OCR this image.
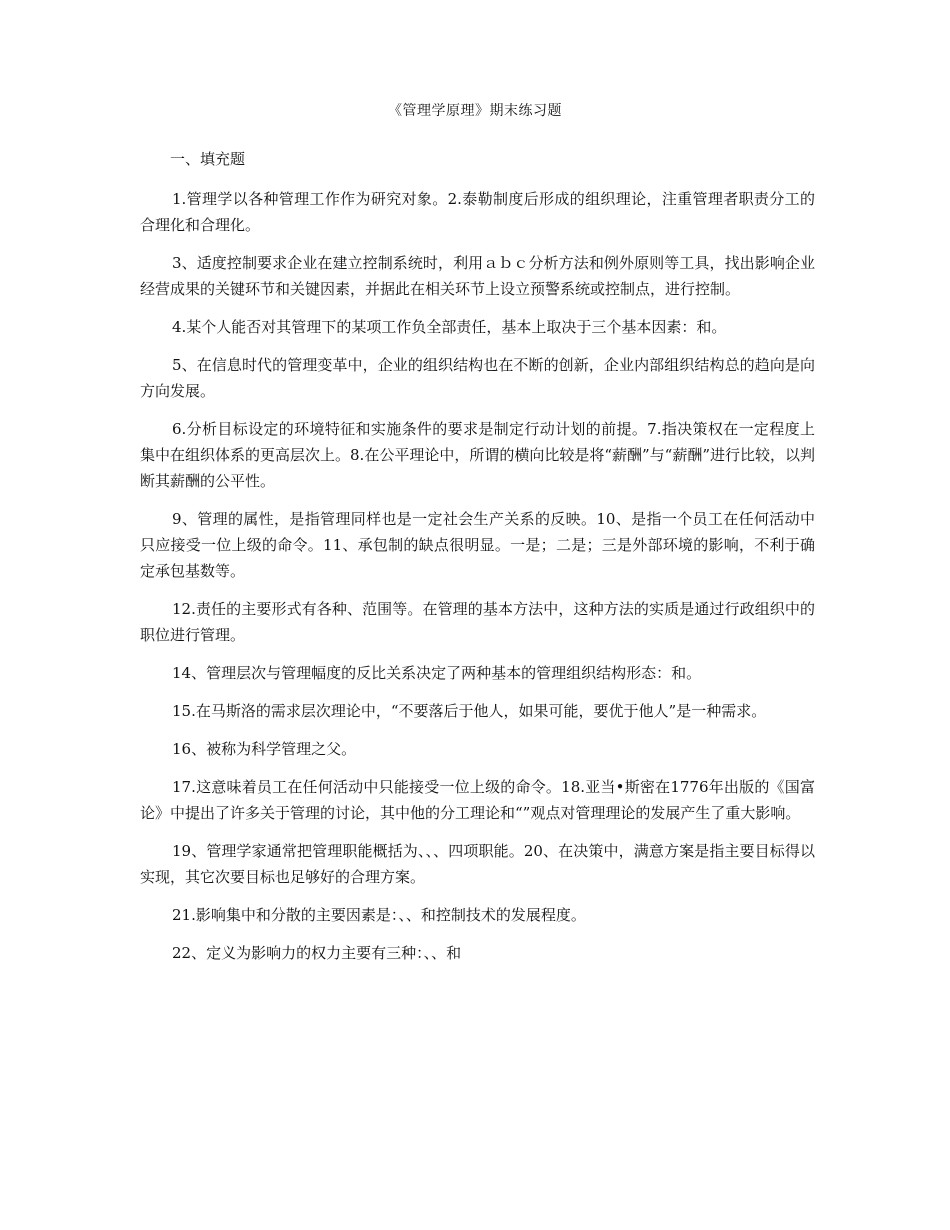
《管理学原理》期末练习题
一、填充题

1.管理学以各种管理工作作为研究对象。2.泰勒制度后形成的组织理论，注重管理者职责分工的合理化和合理化。

3、适度控制要求企业在建立控制系统时，利用ａｂｃ分析方法和例外原则等工具，找出影响企业经营成果的关键环节和关键因素，并据此在相关环节上设立预警系统或控制点，进行控制。

4.某个人能否对其管理下的某项工作负全部责任，基本上取决于三个基本因素：和。

5、在信息时代的管理变革中，企业的组织结构也在不断的创新，企业内部组织结构总的趋向是向方向发展。

6.分析目标设定的环境特征和实施条件的要求是制定行动计划的前提。7.指决策权在一定程度上集中在组织体系的更高层次上。8.在公平理论中，所谓的横向比较是将“薪酬”与“薪酬”进行比较，以判断其薪酬的公平性。

9、管理的属性，是指管理同样也是一定社会生产关系的反映。10、是指一个员工在任何活动中只应接受一位上级的命令。11、承包制的缺点很明显。一是；二是；三是外部环境的影响，不利于确定承包基数等。

12.责任的主要形式有各种、范围等。在管理的基本方法中，这种方法的实质是通过行政组织中的职位进行管理。

14、管理层次与管理幅度的反比关系决定了两种基本的管理组织结构形态：和。

15.在马斯洛的需求层次理论中，“不要落后于他人，如果可能，要优于他人”是一种需求。

16、被称为科学管理之父。

17.这意味着员工在任何活动中只能接受一位上级的命令。18.亚当•斯密在1776年出版的《国富论》中提出了许多关于管理的讨论，其中他的分工理论和“”观点对管理理论的发展产生了重大影响。

19、管理学家通常把管理职能概括为、、、四项职能。20、在决策中，满意方案是指主要目标得以实现，其它次要目标也足够好的合理方案。

21.影响集中和分散的主要因素是：、、和控制技术的发展程度。

22、定义为影响力的权力主要有三种：、、和
